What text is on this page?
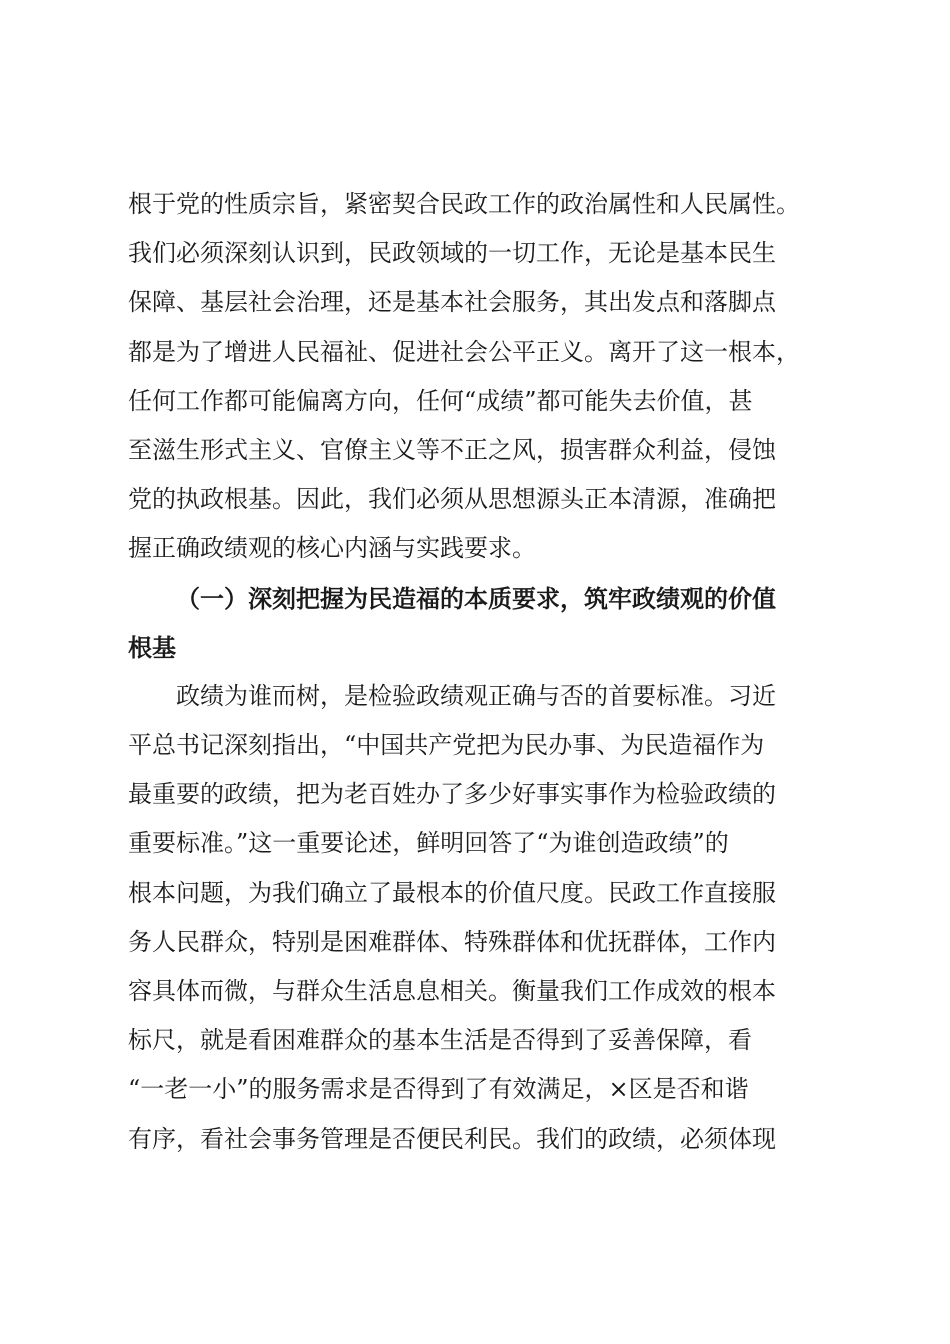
根于党的性质宗旨，紧密契合民政工作的政治属性和人民属性。
我们必须深刻认识到，民政领域的一切工作，无论是基本民生
保障、基层社会治理，还是基本社会服务，其出发点和落脚点
都是为了增进人民福祉、促进社会公平正义。离开了这一根本，
任何工作都可能偏离方向，任何“成绩”都可能失去价值，甚
至滋生形式主义、官僚主义等不正之风，损害群众利益，侵蚀
党的执政根基。因此，我们必须从思想源头正本清源，准确把
握正确政绩观的核心内涵与实践要求。
（一）深刻把握为民造福的本质要求，筑牢政绩观的价值
根基
政绩为谁而树，是检验政绩观正确与否的首要标准。习近
平总书记深刻指出，“中国共产党把为民办事、为民造福作为
最重要的政绩，把为老百姓办了多少好事实事作为检验政绩的
重要标准。”这一重要论述，鲜明回答了“为谁创造政绩”的
根本问题，为我们确立了最根本的价值尺度。民政工作直接服
务人民群众，特别是困难群体、特殊群体和优抚群体，工作内
容具体而微，与群众生活息息相关。衡量我们工作成效的根本
标尺，就是看困难群众的基本生活是否得到了妥善保障，看
“一老一小”的服务需求是否得到了有效满足，×区是否和谐
有序，看社会事务管理是否便民利民。我们的政绩，必须体现
